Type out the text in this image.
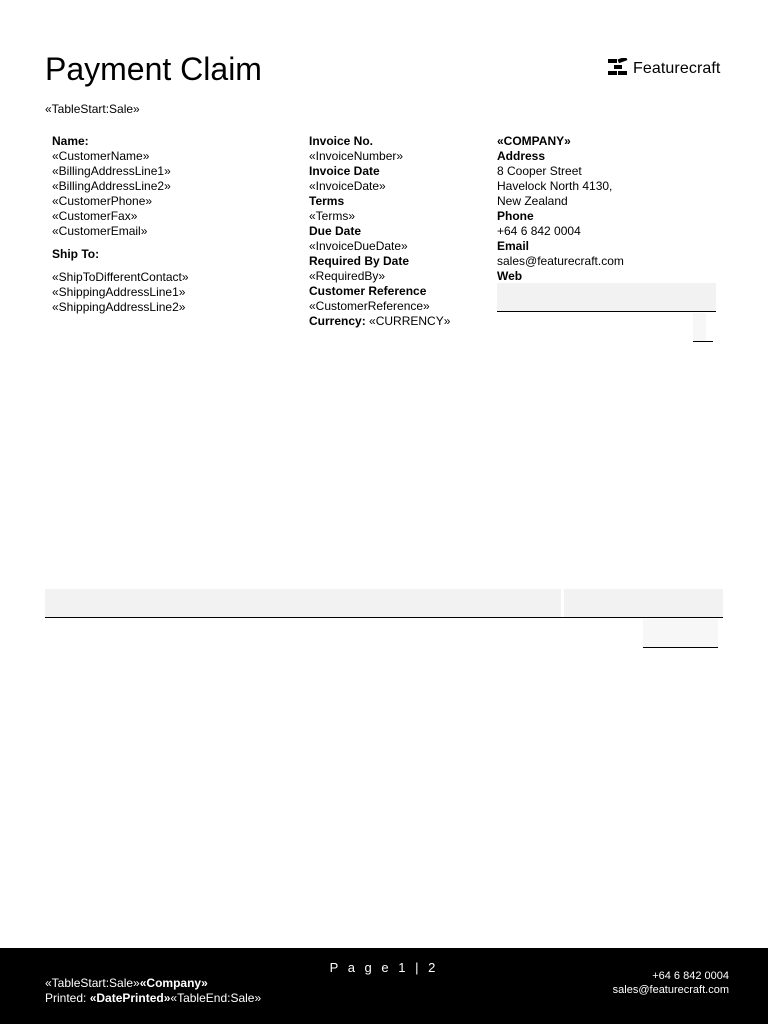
Payment Claim	Featurecraft
«TableStart:Sale»
Name:
«CustomerName»
«BillingAddressLine1»
«BillingAddressLine2»
«CustomerPhone»
«CustomerFax»
«CustomerEmail»
Ship To:
«ShipToDifferentContact»
«ShippingAddressLine1»
«ShippingAddressLine2»
Invoice No.
«InvoiceNumber»
Invoice Date
«InvoiceDate»
Terms
«Terms»
Due Date
«InvoiceDueDate»
Required By Date
«RequiredBy»
Customer Reference
«CustomerReference»
Currency: «CURRENCY»
«COMPANY»
Address
8 Cooper Street
Havelock North 4130,
New Zealand
Phone
+64 6 842 0004
Email
sales@featurecraft.com
Web
P a g e 1 | 2
«TableStart:Sale»«Company»
Printed: «DatePrinted»«TableEnd:Sale»
+64 6 842 0004
sales@featurecraft.com
